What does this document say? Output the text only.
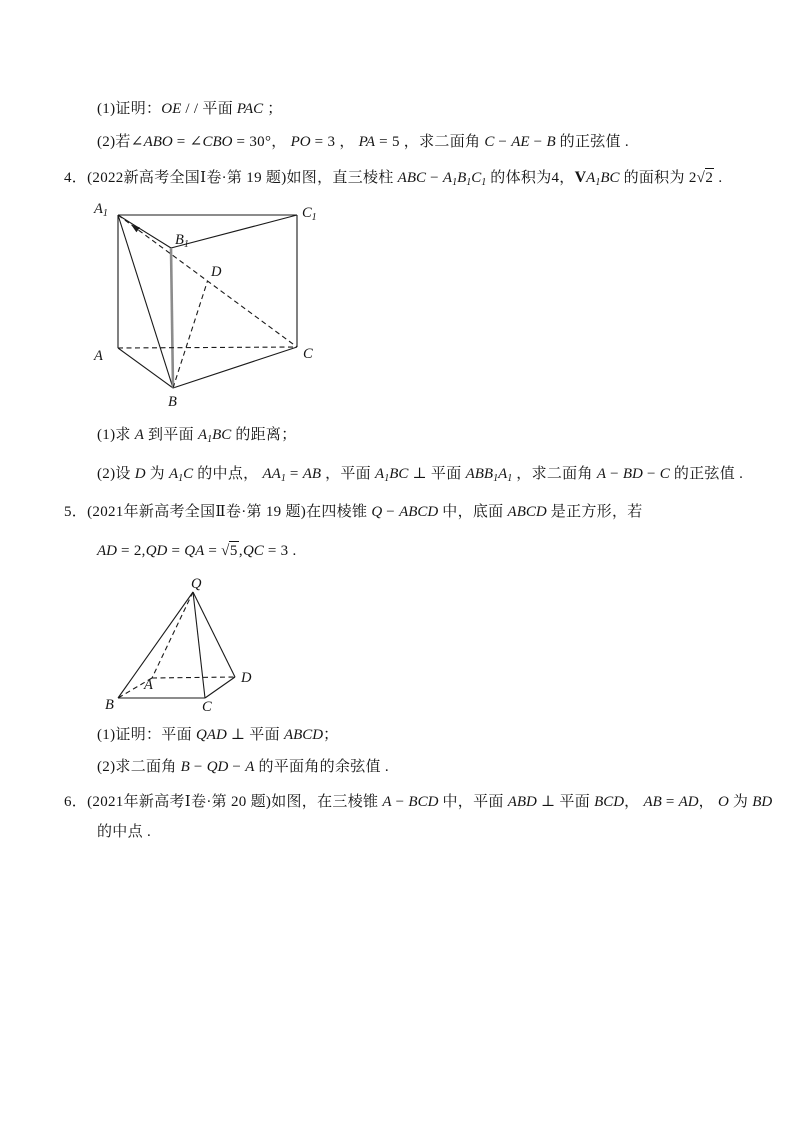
(1)证明：OE / / 平面 PAC ；
(2)若∠ABO = ∠CBO = 30°， PO = 3 ， PA = 5 ，求二面角 C − AE − B 的正弦值 .
4．(2022新高考全国Ⅰ卷·第 19 题)如图，直三棱柱 ABC − $A_1B_1C_1$ 的体积为4，$VA_1BC$ 的面积为 2√2 .
(1)求 A 到平面 $A_1BC$ 的距离；
(2)设 D 为 $A_1C$ 的中点， $AA_1$ = AB ，平面 $A_1BC$ ⊥ 平面 $ABB_1A_1$ ，求二面角 A − BD − C 的正弦值 .
5．(2021年新高考全国Ⅱ卷·第 19 题)在四棱锥 Q − ABCD 中，底面 ABCD 是正方形，若
AD = 2,QD = QA = √5 ,QC = 3 .
(1)证明：平面 QAD ⊥ 平面 ABCD；
(2)求二面角 B − QD − A 的平面角的余弦值 .
6．(2021年新高考Ⅰ卷·第 20 题)如图，在三棱锥 A − BCD 中，平面 ABD ⊥ 平面 BCD， AB = AD， O 为 BD
的中点 .
$A_1$
$B_1$
$C_1$
D
A
B
C
Q
A
B	C
D
